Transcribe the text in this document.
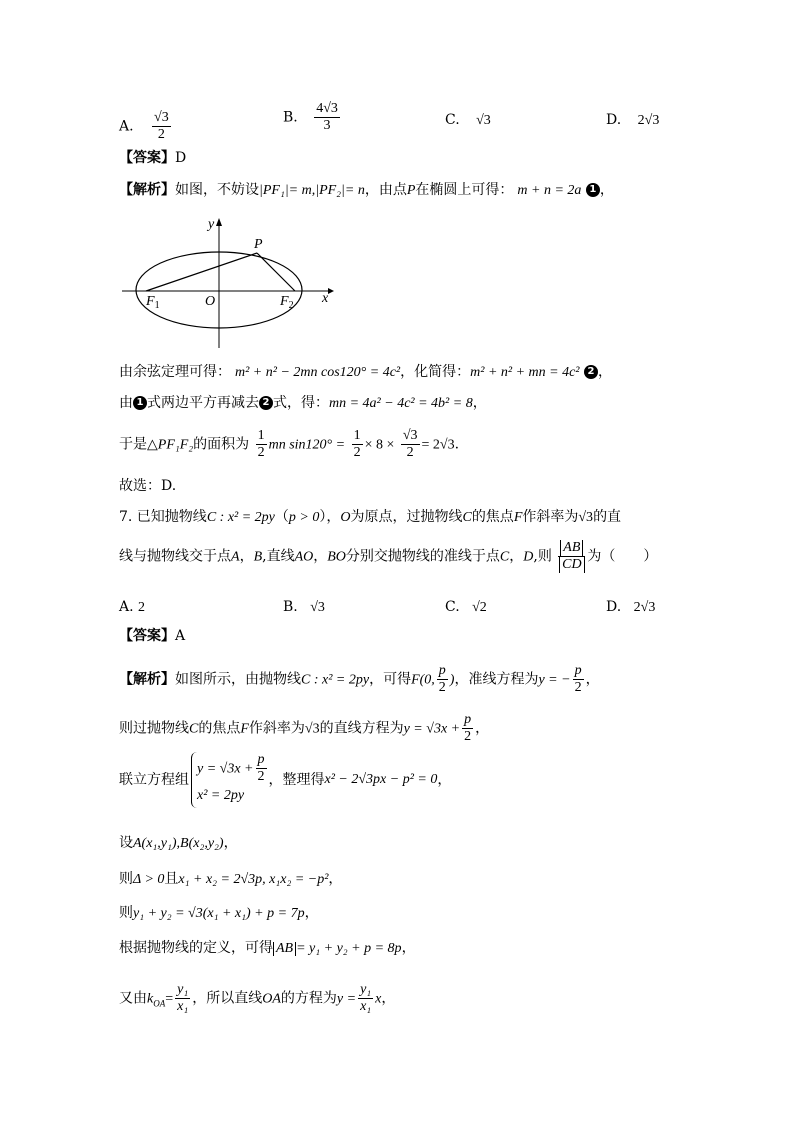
A. $\frac{√3}{2}$	B. $\frac{4√3}{3}$	C. √3	D. 2√3
【答案】D
【解析】如图，不妨设|PF₁|= m,|PF₂|= n，由点P在椭圆上可得： m + n = 2a 1 ，
y
P
$F_1$	O	$F_2$ x
由余弦定理可得： m² + n² − 2mn cos120° = 4c²，化简得：m² + n² + mn = 4c² 2 ，
由 1 式两边平方再减去 2 式，得：mn = 4a² − 4c² = 4b² = 8，
于是△PF₁F₂的面积为 $\frac{1}{2}$ mn $\sin 120^\circ = \frac{1}{2} \times 8 \times \frac{√3}{2} = 2√3$.
故选：D.
7. 已知抛物线C : x² = 2py（p > 0），O为原点，过抛物线C的焦点F作斜率为√3的直
线与抛物线交于点A，B,直线AO，BO分别交抛物线的准线于点C，D,则 $\frac{AB}{CD}$ 为（　　）
A. 2	B. √3	C. √2	D. 2√3
【答案】A
【解析】如图所示，由抛物线C : x² = 2py，可得F(0, $\frac{p}{2}$ )，准线方程为y = − $\frac{p}{2}$ ，
则过抛物线C的焦点F作斜率为√3的直线方程为$y = √3x + \frac{p}{2}$ ，
联立方程组
$y = √3x + \frac{p}{2}$
x² = 2py
，整理得x² − 2√3px − p² = 0，
设A(x₁,y₁),B(x₂,y₂)，
则Δ > 0且x₁ + x₂ = 2√3p, x₁x₂ = −p²，
则y₁ + y₂ = √3(x₁ + x₁) + p = 7p，
根据抛物线的定义，可得 AB = y₁ + y₂ + p = 8p，
又由$k_{OA}= \frac{\text{y₁}}{\text{x₁}}$ ，所以直线OA的方程为$y = \frac{\text{y₁}}{\text{x₁}}$ x，
